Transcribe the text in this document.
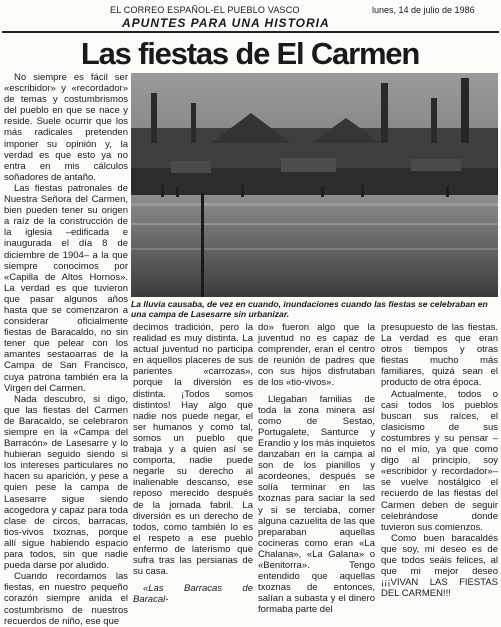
EL CORREO ESPAÑOL-EL PUEBLO VASCO	lunes, 14 de julio de 1986
APUNTES PARA UNA HISTORIA
Las fiestas de El Carmen

No siempre es fácil ser «escribidor» y «recordador» de temas y costumbrismos del pueblo en que se nace y reside. Suele ocurrir que los más radicales pretenden imponer su opinión y, la verdad es que esto ya no entra en mis cálculos soñadores de antaño.

Las fiestas patronales de Nuestra Señora del Carmen, bien pueden tener su origen a raíz de la construcción de la iglesia –edificada e inaugurada el día 8 de diciembre de 1904– a la que siempre conocimos por «Capilla de Altos Hornos». La verdad es que tuvieron que pasar algunos años hasta que se comenzaron a considerar oficialmente fiestas de Baracaldo, no sin tener que pelear con los amantes sestaoarras de la Campa de San Francisco, cuya patrona también era la Virgen del Carmen.

Nada descubro, si digo, que las fiestas del Carmen de Baracaldo, se celebraron siempre en la «Campa del Barracón» de Lasesarre y lo hubieran seguido siendo si los intereses particulares no hacen su aparición, y pese a quien pese la campa de Lasesarre sigue siendo acogedora y capaz para toda clase de circos, barracas, tios-vivos txoznas, porque allí sigue habiendo espacio para todos, sin que nadie pueda darse por aludido.

Cuando recordamos las fiestas, en nuestro pequeño corazón siempre anida el costumbrismo de nuestros recuerdos de niño, ese que

La lluvia causaba, de vez en cuando, inundaciones cuando las fiestas se celebraban en una campa de Lasesarre sin urbanizar.

decimos tradición, pero la realidad es muy distinta. La actual juventud no participa en aquellos placeres de sus parientes «carrozas», porque la diversión es distinta. ¡Todos somos distintos! Hay algo que nadie nos puede negar, el ser humanos y como tal, somos un pueblo que trabaja y a quien así se comporta, nadie puede negarle su derecho al inalienable descanso, ese reposo merecido después de la jornada fabril. La diversión es un derecho de todos, como también lo es el respeto a ese pueblo enfermo de laterismo que sufra tras las persianas de su casa.

«Las Barracas de Baracal-

do» fueron algo que la juventud no es capaz de comprender, eran el centro de reunión de padres que con sus hijos disfrutaban de los «tio-vivos».

Llegaban familias de toda la zona minera así como de Sestao, Portugalete, Santurce y Erandio y los más inquietos danzaban en la campa al son de los pianillos y acordeones, después se solía terminar en las txoznas para saciar la sed y si se terciaba, comer alguna cazuelita de las que preparaban aquellas cocineras como eran «La Chalana», «La Galana» o «Benitorra». Tengo entendido que aquellas txoznas de entonces, salían a subasta y el dinero formaba parte del

presupuesto de las fiestas. La verdad es que eran otros tiempos y otras fiestas mucho más familiares, quizá sean el producto de otra época.

Actualmente, todos o casi todos los pueblos buscan sus raíces, el clasicismo de sus costumbres y su pensar –no el mío, ya que como digo al principio, soy «escribidor y recordador»– se vuelve nostálgico el recuerdo de las fiestas del Carmen deben de seguir celebrándose donde tuvieron sus comienzos.

Como buen baracaldés que soy, mi deseo es de que todos seáis felices, al que mi mejor deseo ¡¡¡VIVAN LAS FIESTAS DEL CARMEN!!!
